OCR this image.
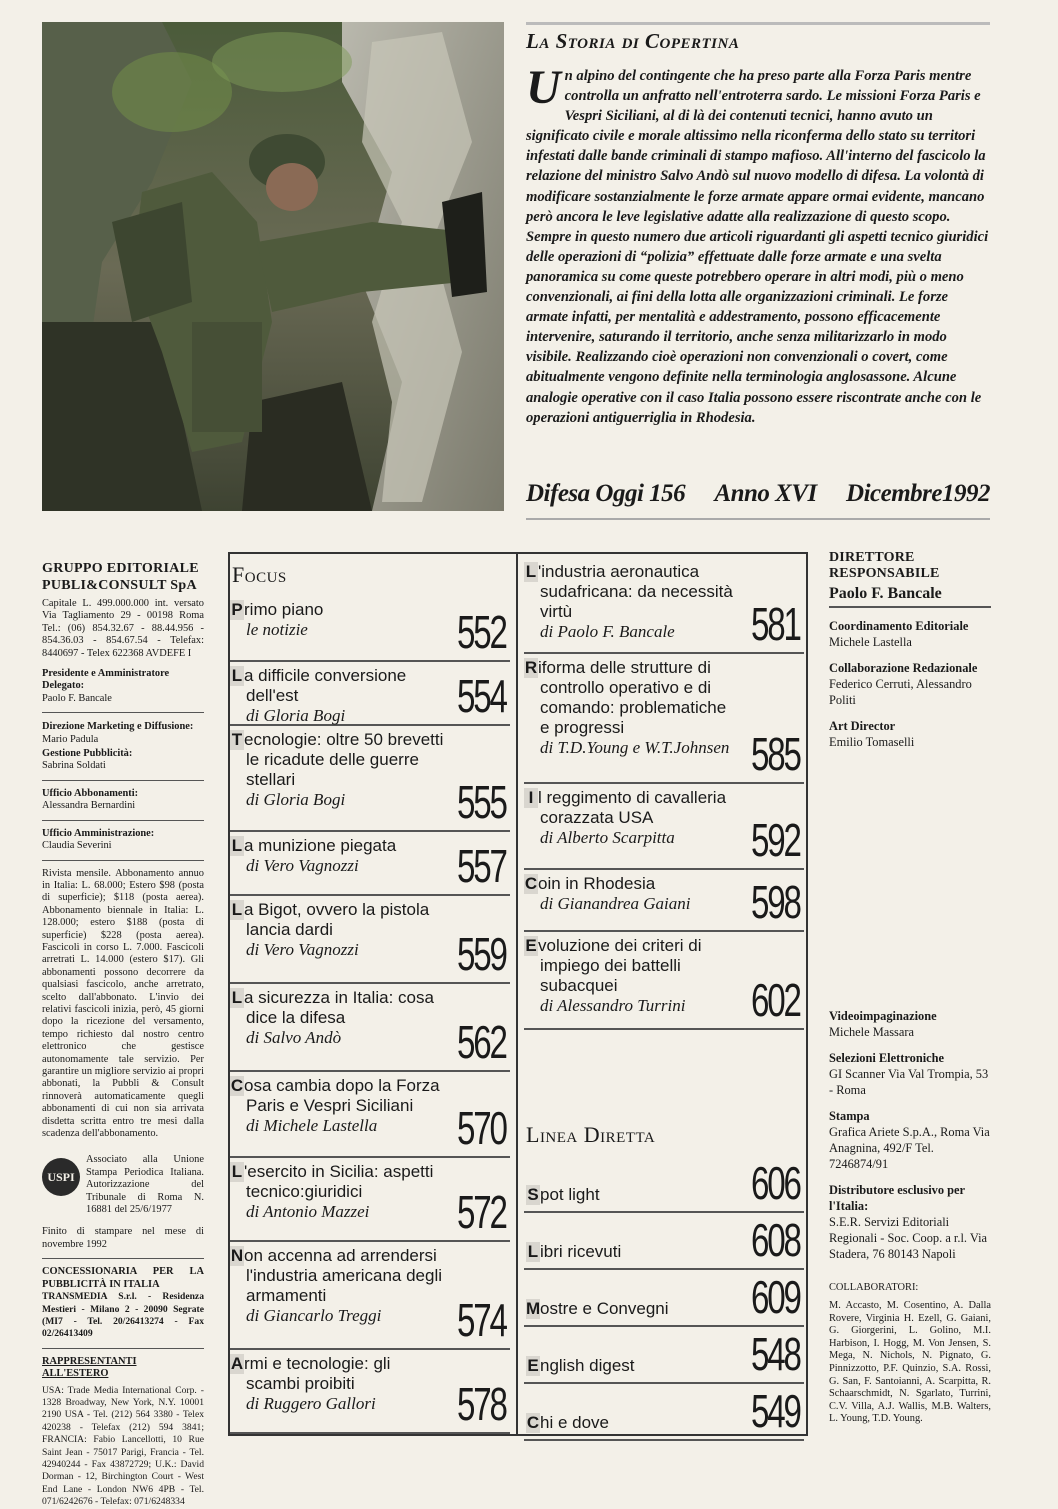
La Storia di Copertina

Un alpino del contingente che ha preso parte alla Forza Paris mentre controlla un anfratto nell'entroterra sardo. Le missioni Forza Paris e Vespri Siciliani, al di là dei contenuti tecnici, hanno avuto un significato civile e morale altissimo nella riconferma dello stato su territori infestati dalle bande criminali di stampo mafioso. All'interno del fascicolo la relazione del ministro Salvo Andò sul nuovo modello di difesa. La volontà di modificare sostanzialmente le forze armate appare ormai evidente, mancano però ancora le leve legislative adatte alla realizzazione di questo scopo. Sempre in questo numero due articoli riguardanti gli aspetti tecnico giuridici delle operazioni di “polizia” effettuate dalle forze armate e una svelta panoramica su come queste potrebbero operare in altri modi, più o meno convenzionali, ai fini della lotta alle organizzazioni criminali. Le forze armate infatti, per mentalità e addestramento, possono efficacemente intervenire, saturando il territorio, anche senza militarizzarlo in modo visibile. Realizzando cioè operazioni non convenzionali o covert, come abitualmente vengono definite nella terminologia anglosassone. Alcune analogie operative con il caso Italia possono essere riscontrate anche con le operazioni antiguerriglia in Rhodesia.

Difesa Oggi 156 Anno XVI Dicembre1992
GRUPPO EDITORIALE PUBLI&CONSULT SpA

Capitale L. 499.000.000 int. versato Via Tagliamento 29 - 00198 Roma Tel.: (06) 854.32.67 - 88.44.956 - 854.36.03 - 854.67.54 - Telefax: 8440697 - Telex 622368 AVDEFE I

Presidente e Amministratore Delegato:
Paolo F. Bancale
Direzione Marketing e Diffusione:
Mario Padula
Gestione Pubblicità:
Sabrina Soldati
Ufficio Abbonamenti:
Alessandra Bernardini
Ufficio Amministrazione:
Claudia Severini

Rivista mensile. Abbonamento annuo in Italia: L. 68.000; Estero $98 (posta di superficie); $118 (posta aerea). Abbonamento biennale in Italia: L. 128.000; estero $188 (posta di superficie) $228 (posta aerea). Fascicoli in corso L. 7.000. Fascicoli arretrati L. 14.000 (estero $17). Gli abbonamenti possono decorrere da qualsiasi fascicolo, anche arretrato, scelto dall'abbonato. L'invio dei relativi fascicoli inizia, però, 45 giorni dopo la ricezione del versamento, tempo richiesto dal nostro centro elettronico che gestisce autonomamente tale servizio. Per garantire un migliore servizio ai propri abbonati, la Pubbli & Consult rinnoverà automaticamente quegli abbonamenti di cui non sia arrivata disdetta scritta entro tre mesi dalla scadenza dell'abbonamento.

USPI

Associato alla Unione Stampa Periodica Italiana. Autorizzazione del Tribunale di Roma N. 16881 del 25/6/1977

Finito di stampare nel mese di novembre 1992

CONCESSIONARIA PER LA PUBBLICITÀ IN ITALIA

TRANSMEDIA S.r.l. - Residenza Mestieri - Milano 2 - 20090 Segrate (MI7 - Tel. 20/26413274 - Fax 02/26413409

RAPPRESENTANTI ALL'ESTERO

USA: Trade Media International Corp. - 1328 Broadway, New York, N.Y. 10001 2190 USA - Tel. (212) 564 3380 - Telex 420238 - Telefax (212) 594 3841; FRANCIA: Fabio Lancellotti, 10 Rue Saint Jean - 75017 Parigi, Francia - Tel. 42940244 - Fax 43872729; U.K.: David Dorman - 12, Birchington Court - West End Lane - London NW6 4PB - Tel. 071/6242676 - Telefax: 071/6248334

Focus
Primo piano
le notizie	552
L a difficile conversione dell'est
di Gloria Bogi	554
T ecnologie: oltre 50 brevetti le ricadute delle guerre stellari
di Gloria Bogi	555
L a munizione piegata
di Vero Vagnozzi	557
L a Bigot, ovvero la pistola lancia dardi
di Vero Vagnozzi	559
L a sicurezza in Italia: cosa dice la difesa
di Salvo Andò	562
Cosa cambia dopo la Forza Paris e Vespri Siciliani
di Michele Lastella	570
L 'esercito in Sicilia: aspetti tecnico:giuridici
di Antonio Mazzei	572
Non accenna ad arrendersi l'industria americana degli armamenti
di Giancarlo Treggi	574
Armi e tecnologie: gli scambi proibiti
di Ruggero Gallori	578
L 'industria aeronautica sudafricana: da necessità virtù
di Paolo F. Bancale	581
Riforma delle strutture di controllo operativo e di comando: problematiche e progressi
di T.D.Young e W.T.Johnsen 585
I l reggimento di cavalleria corazzata USA
di Alberto Scarpitta	592
Coin in Rhodesia
di Gianandrea Gaiani	598
Evoluzione dei criteri di impiego dei battelli subacquei
di Alessandro Turrini	602
Linea Diretta
Spot light	606
L ibri ricevuti	608
Mostre e Convegni 609
English digest	548
Chi e dove	549
DIRETTORE RESPONSABILE
Paolo F. Bancale
Coordinamento Editoriale
Michele Lastella
Collaborazione Redazionale
Federico Cerruti, Alessandro Politi
Art Director
Emilio Tomaselli
Videoimpaginazione
Michele Massara
Selezioni Elettroniche
GI Scanner Via Val Trompia, 53 - Roma
Stampa
Grafica Ariete S.p.A., Roma Via Anagnina, 492/F Tel. 7246874/91
Distributore esclusivo per l'Italia:
S.E.R. Servizi Editoriali Regionali - Soc. Coop. a r.l. Via Stadera, 76 80143 Napoli
COLLABORATORI:
M. Accasto, M. Cosentino, A. Dalla Rovere, Virginia H. Ezell, G. Gaiani, G. Giorgerini, L. Golino, M.I. Harbison, I. Hogg, M. Von Jensen, S. Mega, N. Nichols, N. Pignato, G. Pinnizzotto, P.F. Quinzio, S.A. Rossi, G. San, F. Santoianni, A. Scarpitta, R. Schaarschmidt, N. Sgarlato, Turrini, C.V. Villa, A.J. Wallis, M.B. Walters, L. Young, T.D. Young.
